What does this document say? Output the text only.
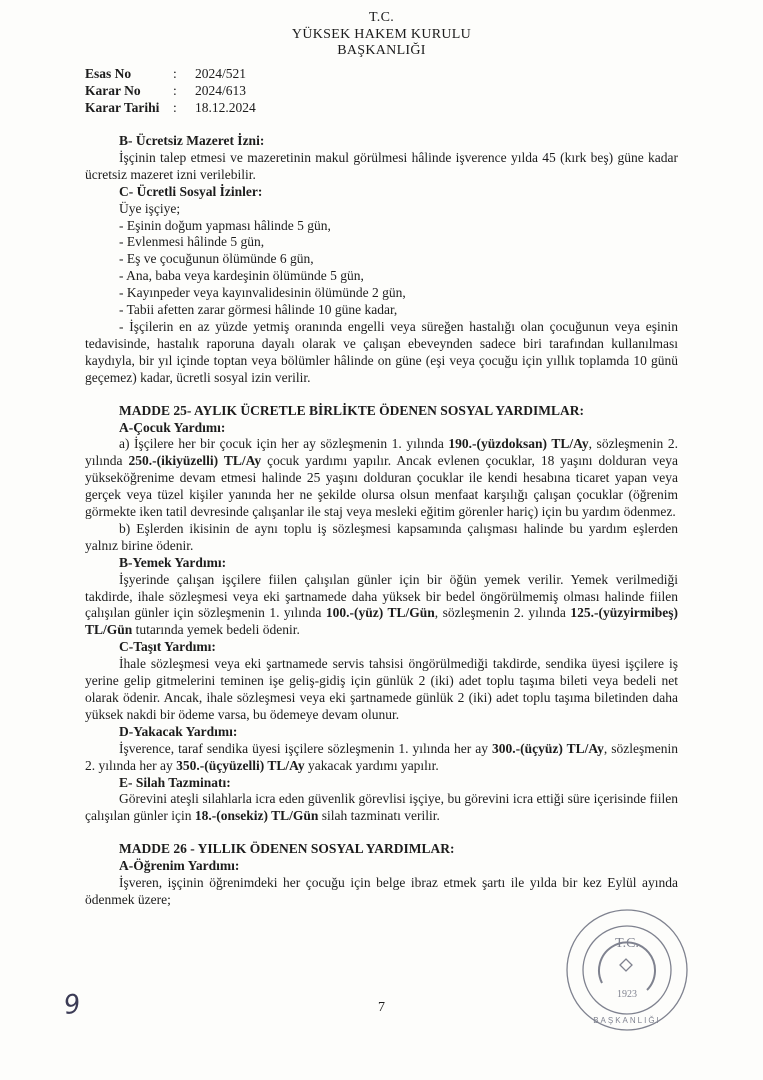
T.C.
YÜKSEK HAKEM KURULU
BAŞKANLIĞI
Esas No	:	2024/521
Karar No	:	2024/613
Karar Tarihi	:	18.12.2024

B- Ücretsiz Mazeret İzni:

İşçinin talep etmesi ve mazeretinin makul görülmesi hâlinde işverence yılda 45 (kırk beş) güne kadar ücretsiz mazeret izni verilebilir.

C- Ücretli Sosyal İzinler:

Üye işçiye;

- Eşinin doğum yapması hâlinde 5 gün,

- Evlenmesi hâlinde 5 gün,

- Eş ve çocuğunun ölümünde 6 gün,

- Ana, baba veya kardeşinin ölümünde 5 gün,

- Kayınpeder veya kayınvalidesinin ölümünde 2 gün,

- Tabii afetten zarar görmesi hâlinde 10 güne kadar,

- İşçilerin en az yüzde yetmiş oranında engelli veya süreğen hastalığı olan çocuğunun veya eşinin tedavisinde, hastalık raporuna dayalı olarak ve çalışan ebeveynden sadece biri tarafından kullanılması kaydıyla, bir yıl içinde toptan veya bölümler hâlinde on güne (eşi veya çocuğu için yıllık toplamda 10 günü geçemez) kadar, ücretli sosyal izin verilir.

MADDE 25- AYLIK ÜCRETLE BİRLİKTE ÖDENEN SOSYAL YARDIMLAR:

A-Çocuk Yardımı:

a) İşçilere her bir çocuk için her ay sözleşmenin 1. yılında 190.-(yüzdoksan) TL/Ay, sözleşmenin 2. yılında 250.-(ikiyüzelli) TL/Ay çocuk yardımı yapılır. Ancak evlenen çocuklar, 18 yaşını dolduran veya yükseköğrenime devam etmesi halinde 25 yaşını dolduran çocuklar ile kendi hesabına ticaret yapan veya gerçek veya tüzel kişiler yanında her ne şekilde olursa olsun menfaat karşılığı çalışan çocuklar (öğrenim görmekte iken tatil devresinde çalışanlar ile staj veya mesleki eğitim görenler hariç) için bu yardım ödenmez.

b) Eşlerden ikisinin de aynı toplu iş sözleşmesi kapsamında çalışması halinde bu yardım eşlerden yalnız birine ödenir.

B-Yemek Yardımı:

İşyerinde çalışan işçilere fiilen çalışılan günler için bir öğün yemek verilir. Yemek verilmediği takdirde, ihale sözleşmesi veya eki şartnamede daha yüksek bir bedel öngörülmemiş olması halinde fiilen çalışılan günler için sözleşmenin 1. yılında 100.-(yüz) TL/Gün, sözleşmenin 2. yılında 125.-(yüzyirmibeş) TL/Gün tutarında yemek bedeli ödenir.

C-Taşıt Yardımı:

İhale sözleşmesi veya eki şartnamede servis tahsisi öngörülmediği takdirde, sendika üyesi işçilere iş yerine gelip gitmelerini teminen işe geliş-gidiş için günlük 2 (iki) adet toplu taşıma bileti veya bedeli net olarak ödenir. Ancak, ihale sözleşmesi veya eki şartnamede günlük 2 (iki) adet toplu taşıma biletinden daha yüksek nakdi bir ödeme varsa, bu ödemeye devam olunur.

D-Yakacak Yardımı:

İşverence, taraf sendika üyesi işçilere sözleşmenin 1. yılında her ay 300.-(üçyüz) TL/Ay, sözleşmenin 2. yılında her ay 350.-(üçyüzelli) TL/Ay yakacak yardımı yapılır.

E- Silah Tazminatı:

Görevini ateşli silahlarla icra eden güvenlik görevlisi işçiye, bu görevini icra ettiği süre içerisinde fiilen çalışılan günler için 18.-(onsekiz) TL/Gün silah tazminatı verilir.

MADDE 26 - YILLIK ÖDENEN SOSYAL YARDIMLAR:

A-Öğrenim Yardımı:

İşveren, işçinin öğrenimdeki her çocuğu için belge ibraz etmek şartı ile yılda bir kez Eylül ayında ödenmek üzere;

7
9
T.C.
1923
BAŞKANLIĞI
